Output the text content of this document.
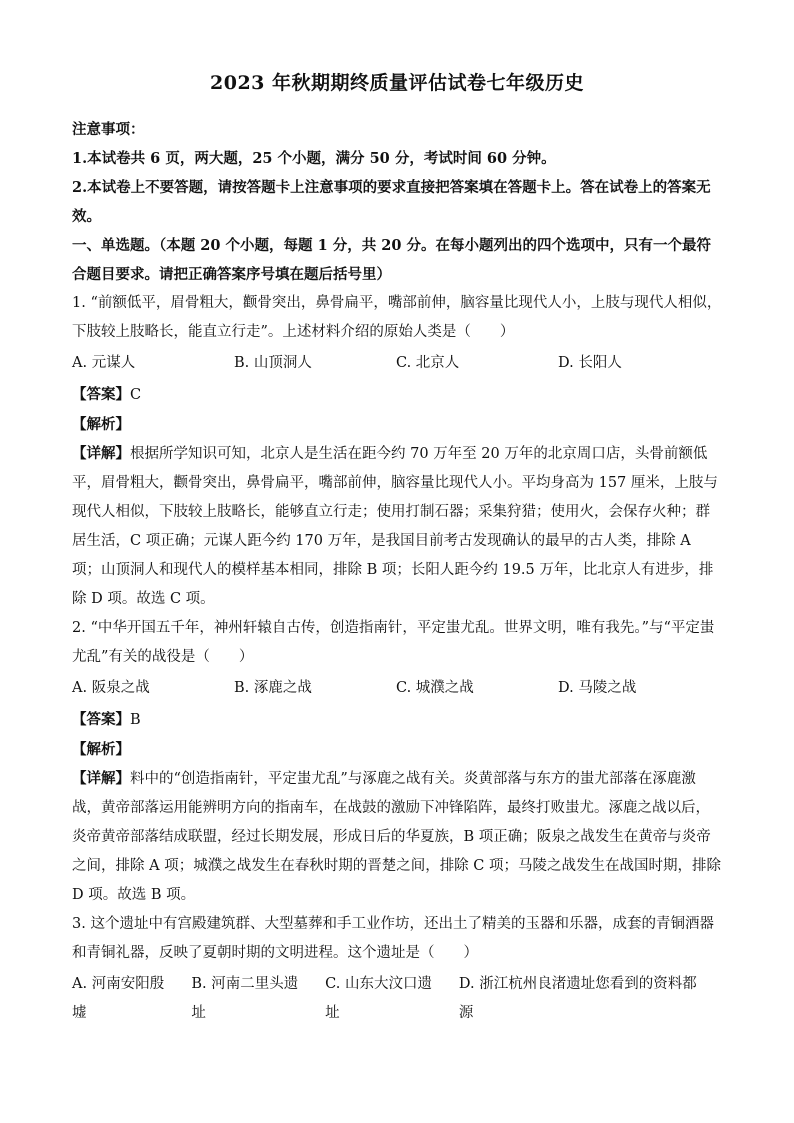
2023 年秋期期终质量评估试卷七年级历史

注意事项：

1.本试卷共 6 页，两大题，25 个小题，满分 50 分，考试时间 60 分钟。

2.本试卷上不要答题，请按答题卡上注意事项的要求直接把答案填在答题卡上。答在试卷上的答案无效。

一、单选题。（本题 20 个小题，每题 1 分，共 20 分。在每小题列出的四个选项中，只有一个最符合题目要求。请把正确答案序号填在题后括号里）

1. “前额低平，眉骨粗大，颧骨突出，鼻骨扁平，嘴部前伸，脑容量比现代人小，上肢与现代人相似，下肢较上肢略长，能直立行走”。上述材料介绍的原始人类是（　　）

A. 元谋人	B. 山顶洞人	C. 北京人	D. 长阳人

【答案】C

【解析】

【详解】根据所学知识可知，北京人是生活在距今约 70 万年至 20 万年的北京周口店，头骨前额低平，眉骨粗大，颧骨突出，鼻骨扁平，嘴部前伸，脑容量比现代人小。平均身高为 157 厘米，上肢与现代人相似，下肢较上肢略长，能够直立行走；使用打制石器；采集狩猎；使用火，会保存火种；群居生活，C 项正确；元谋人距今约 170 万年，是我国目前考古发现确认的最早的古人类，排除 A 项；山顶洞人和现代人的模样基本相同，排除 B 项；长阳人距今约 19.5 万年，比北京人有进步，排除 D 项。故选 C 项。

2. “中华开国五千年，神州轩辕自古传，创造指南针，平定蚩尤乱。世界文明，唯有我先。”与“平定蚩尤乱”有关的战役是（　　）

A. 阪泉之战	B. 涿鹿之战	C. 城濮之战	D. 马陵之战

【答案】B

【解析】

【详解】料中的“创造指南针，平定蚩尤乱”与涿鹿之战有关。炎黄部落与东方的蚩尤部落在涿鹿激战，黄帝部落运用能辨明方向的指南车，在战鼓的激励下冲锋陷阵，最终打败蚩尤。涿鹿之战以后，炎帝黄帝部落结成联盟，经过长期发展，形成日后的华夏族，B 项正确；阪泉之战发生在黄帝与炎帝之间，排除 A 项；城濮之战发生在春秋时期的晋楚之间，排除 C 项；马陵之战发生在战国时期，排除 D 项。故选 B 项。

3. 这个遗址中有宫殿建筑群、大型墓葬和手工业作坊，还出土了精美的玉器和乐器，成套的青铜酒器和青铜礼器，反映了夏朝时期的文明进程。这个遗址是（　　）

A. 河南安阳殷墟
B. 河南二里头遗址
C. 山东大汶口遗址
D. 浙江杭州良渚遗址您看到的资料都源
